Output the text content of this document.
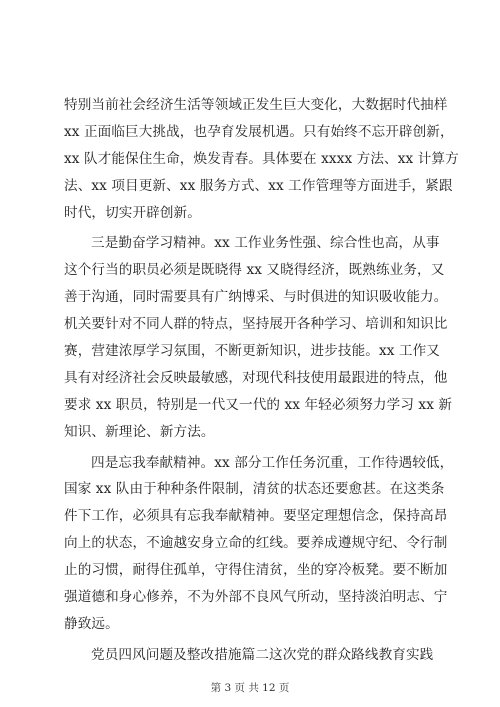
特别当前社会经济生活等领域正发生巨大变化，大数据时代抽样
xx 正面临巨大挑战，也孕育发展机遇。只有始终不忘开辟创新，
xx 队才能保住生命，焕发青春。具体要在 xxxx 方法、xx 计算方
法、xx 项目更新、xx 服务方式、xx 工作管理等方面进手，紧跟
时代，切实开辟创新。
三是勤奋学习精神。xx 工作业务性强、综合性也高，从事
这个行当的职员必须是既晓得 xx 又晓得经济，既熟练业务，又
善于沟通，同时需要具有广纳博采、与时俱进的知识吸收能力。
机关要针对不同人群的特点，坚持展开各种学习、培训和知识比
赛，营建浓厚学习氛围，不断更新知识，进步技能。xx 工作又
具有对经济社会反映最敏感，对现代科技使用最跟进的特点，他
要求 xx 职员，特别是一代又一代的 xx 年轻必须努力学习 xx 新
知识、新理论、新方法。
四是忘我奉献精神。xx 部分工作任务沉重，工作待遇较低，
国家 xx 队由于种种条件限制，清贫的状态还要愈甚。在这类条
件下工作，必须具有忘我奉献精神。要坚定理想信念，保持高昂
向上的状态，不逾越安身立命的红线。要养成遵规守纪、令行制
止的习惯，耐得住孤单，守得住清贫，坐的穿冷板凳。要不断加
强道德和身心修养，不为外部不良风气所动，坚持淡泊明志、宁
静致远。
党员四风问题及整改措施篇二这次党的群众路线教育实践
第 3 页 共 12 页
